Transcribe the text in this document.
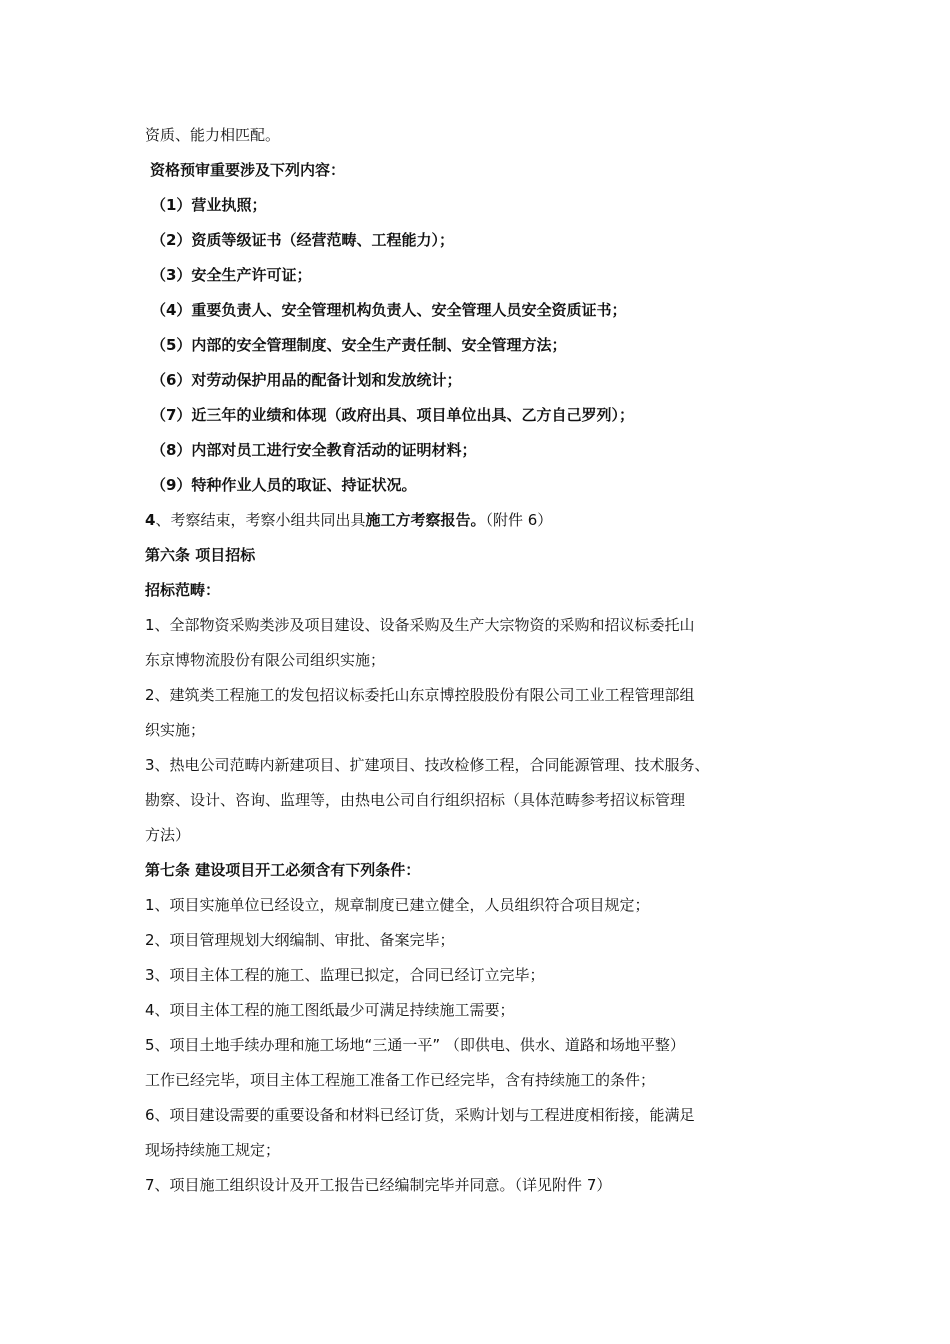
资质、能力相匹配。
资格预审重要涉及下列内容：
（1）营业执照；
（2）资质等级证书（经营范畴、工程能力）；
（3）安全生产许可证；
（4）重要负责人、安全管理机构负责人、安全管理人员安全资质证书；
（5）内部的安全管理制度、安全生产责任制、安全管理方法；
（6）对劳动保护用品的配备计划和发放统计；
（7）近三年的业绩和体现（政府出具、项目单位出具、乙方自己罗列）；
（8）内部对员工进行安全教育活动的证明材料；
（9）特种作业人员的取证、持证状况。
4、考察结束，考察小组共同出具施工方考察报告。（附件 6）
第六条 项目招标
招标范畴：
1、全部物资采购类涉及项目建设、设备采购及生产大宗物资的采购和招议标委托山
东京博物流股份有限公司组织实施；
2、建筑类工程施工的发包招议标委托山东京博控股股份有限公司工业工程管理部组
织实施；
3、热电公司范畴内新建项目、扩建项目、技改检修工程，合同能源管理、技术服务、
勘察、设计、咨询、监理等，由热电公司自行组织招标（具体范畴参考招议标管理
方法）
第七条 建设项目开工必须含有下列条件：
1、项目实施单位已经设立，规章制度已建立健全，人员组织符合项目规定；
2、项目管理规划大纲编制、审批、备案完毕；
3、项目主体工程的施工、监理已拟定，合同已经订立完毕；
4、项目主体工程的施工图纸最少可满足持续施工需要；
5、项目土地手续办理和施工场地“三通一平” （即供电、供水、道路和场地平整）
工作已经完毕，项目主体工程施工准备工作已经完毕，含有持续施工的条件；
6、项目建设需要的重要设备和材料已经订货，采购计划与工程进度相衔接，能满足
现场持续施工规定；
7、项目施工组织设计及开工报告已经编制完毕并同意。（详见附件 7）
